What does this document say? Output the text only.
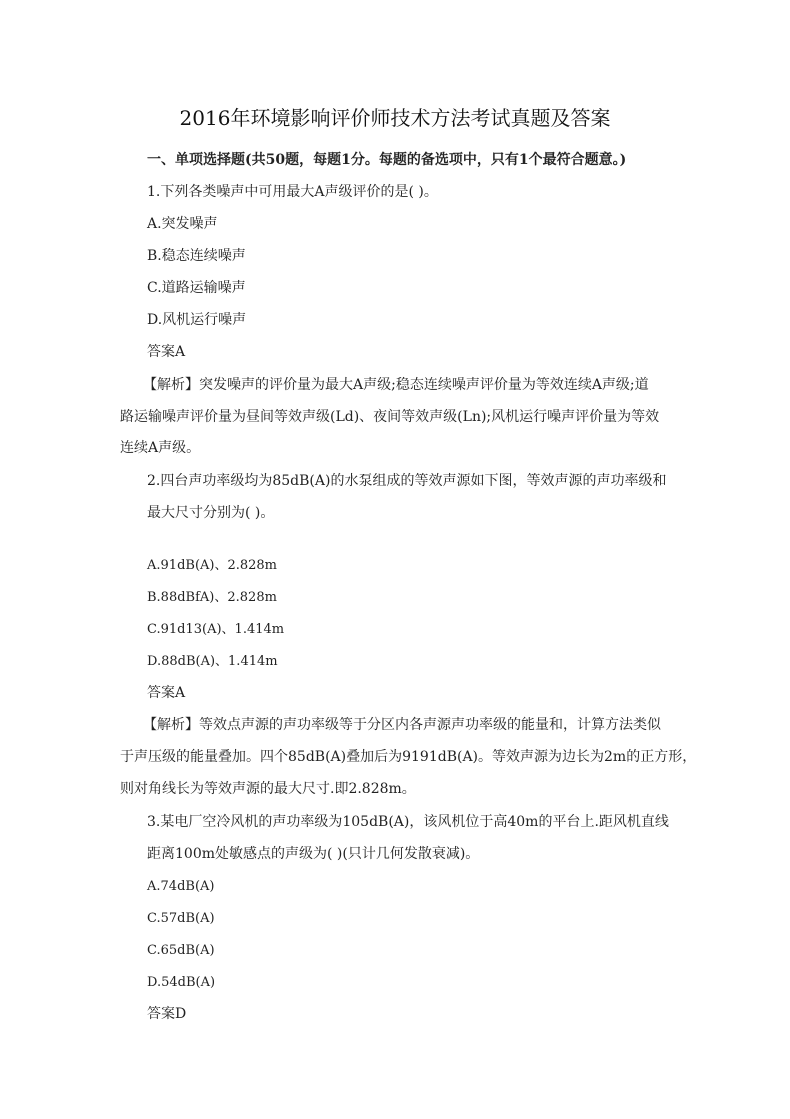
2016年环境影响评价师技术方法考试真题及答案
一、单项选择题(共50题，每题1分。每题的备选项中，只有1个最符合题意。)
1.下列各类噪声中可用最大A声级评价的是( )。
A.突发噪声
B.稳态连续噪声
C.道路运输噪声
D.风机运行噪声
答案A
【解析】突发噪声的评价量为最大A声级;稳态连续噪声评价量为等效连续A声级;道
路运输噪声评价量为昼间等效声级(Ld)、夜间等效声级(Ln);风机运行噪声评价量为等效
连续A声级。
2.四台声功率级均为85dB(A)的水泵组成的等效声源如下图，等效声源的声功率级和
最大尺寸分别为( )。
A.91dB(A)、2.828m
B.88dBfA)、2.828m
C.91d13(A)、1.414m
D.88dB(A)、1.414m
答案A
【解析】等效点声源的声功率级等于分区内各声源声功率级的能量和，计算方法类似
于声压级的能量叠加。四个85dB(A)叠加后为9191dB(A)。等效声源为边长为2m的正方形，
则对角线长为等效声源的最大尺寸.即2.828m。
3.某电厂空冷风机的声功率级为105dB(A)，该风机位于高40m的平台上.距风机直线
距离100m处敏感点的声级为( )(只计几何发散衰减)。
A.74dB(A)
C.57dB(A)
C.65dB(A)
D.54dB(A)
答案D
